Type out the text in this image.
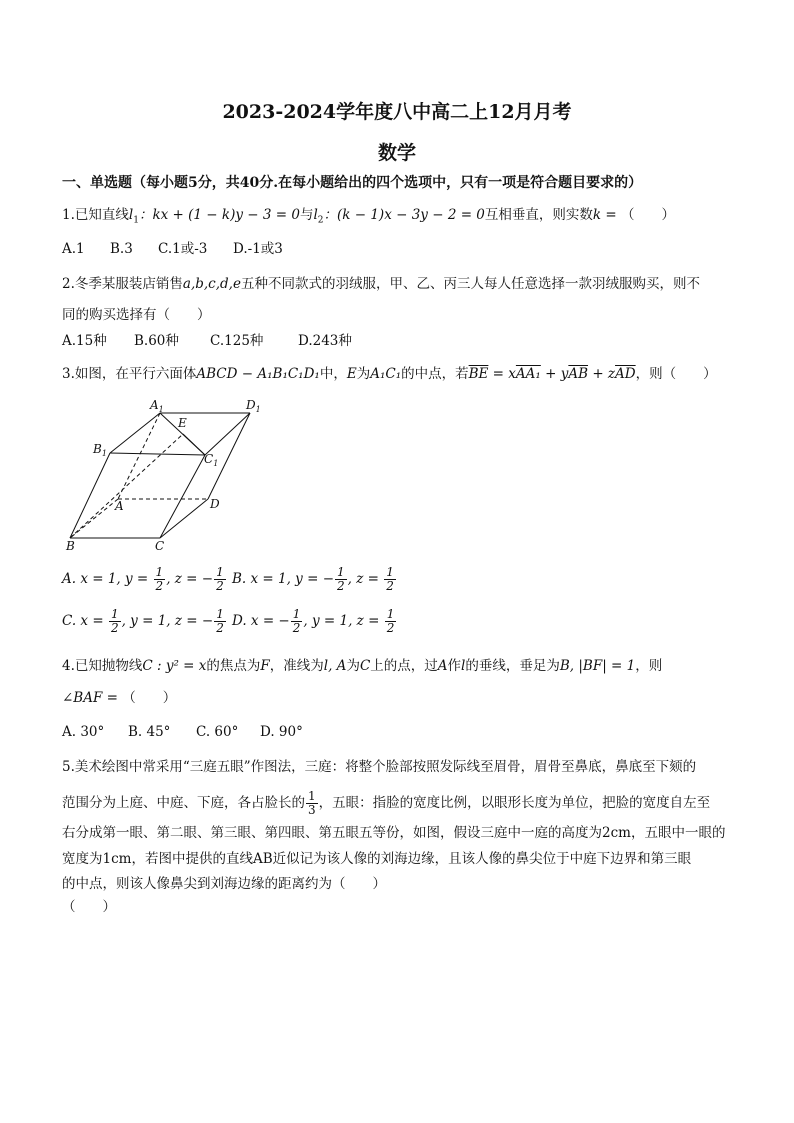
2023-2024学年度八中高二上12月月考
数学
一、单选题（每小题5分，共40分.在每小题给出的四个选项中，只有一项是符合题目要求的）
1.已知直线$l_1$：kx + (1 − k)y − 3 = 0与$l_2$：(k − 1)x − 3y − 2 = 0互相垂直，则实数k = （　　）
A.1 B.3 C.1或-3 D.-1或3
2.冬季某服装店销售a,b,c,d,e五种不同款式的羽绒服，甲、乙、丙三人每人任意选择一款羽绒服购买，则不
同的购买选择有（　　）
A.15种 B.60种 C.125种	D.243种
3.如图，在平行六面体ABCD − A₁B₁C₁D₁中，E为A₁C₁的中点，若$\overline{BE} = xAA_1 + y\overline{AB} + z\overline{AD}$，则（　　）
$A_1$	$D_1$
E
$B_1$	$C_1$
A	D
B	C
A. x = 1, $y = \frac{1}{2}$ , z = − $\frac{1}{2} B$. x = 1, y = − $\frac{1}{2}$ , $z = \frac{1}{2}$
C. $x = \frac{1}{2}$ , y = 1, z = − $\frac{1}{2} D$. x = − $\frac{1}{2}$ , y = 1, $z = \frac{1}{2}$
4.已知抛物线C : y² = x的焦点为F，准线为l, A为C上的点，过A作l的垂线，垂足为B, |BF| = 1，则
∠BAF = （　　）
A. 30° B. 45° C. 60° D. 90°
5.美术绘图中常采用“三庭五眼”作图法，三庭：将整个脸部按照发际线至眉骨，眉骨至鼻底，鼻底至下颏的
范围分为上庭、中庭、下庭，各占脸长的 $\frac{1}{3}$ ，五眼：指脸的宽度比例，以眼形长度为单位，把脸的宽度自左至
右分成第一眼、第二眼、第三眼、第四眼、第五眼五等份，如图，假设三庭中一庭的高度为2cm，五眼中一眼的
宽度为1cm，若图中提供的直线AB近似记为该人像的刘海边缘，且该人像的鼻尖位于中庭下边界和第三眼
的中点，则该人像鼻尖到刘海边缘的距离约为（　　）
（　　）
